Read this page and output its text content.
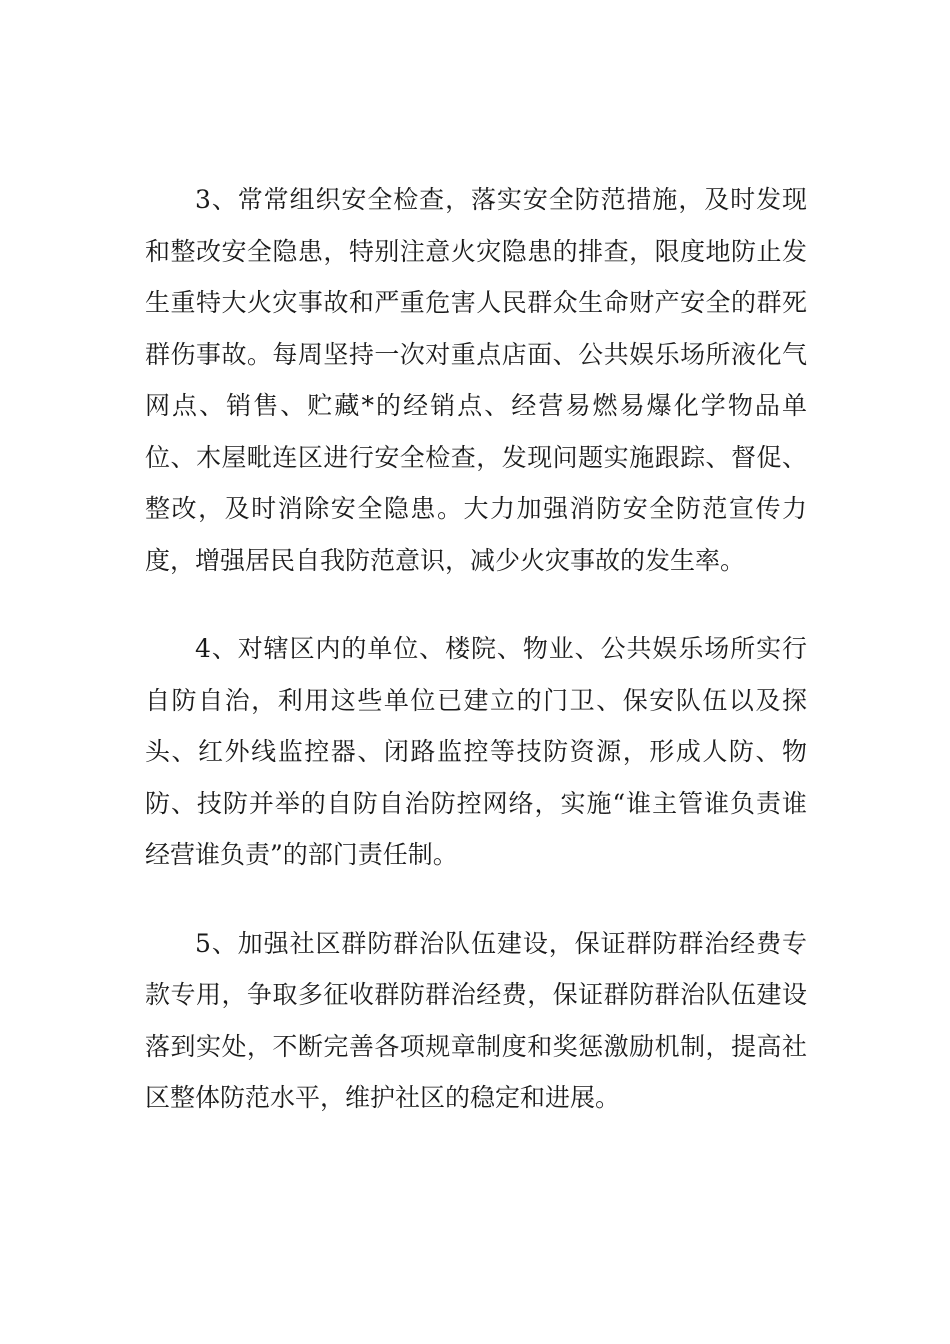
3、常常组织安全检查，落实安全防范措施，及时发现和整改安全隐患，特别注意火灾隐患的排查，限度地防止发生重特大火灾事故和严重危害人民群众生命财产安全的群死群伤事故。每周坚持一次对重点店面、公共娱乐场所液化气网点、销售、贮藏*的经销点、经营易燃易爆化学物品单位、木屋毗连区进行安全检查，发现问题实施跟踪、督促、整改，及时消除安全隐患。大力加强消防安全防范宣传力度，增强居民自我防范意识，减少火灾事故的发生率。

4、对辖区内的单位、楼院、物业、公共娱乐场所实行自防自治，利用这些单位已建立的门卫、保安队伍以及探头、红外线监控器、闭路监控等技防资源，形成人防、物防、技防并举的自防自治防控网络，实施“谁主管谁负责谁经营谁负责”的部门责任制。

5、加强社区群防群治队伍建设，保证群防群治经费专款专用，争取多征收群防群治经费，保证群防群治队伍建设落到实处，不断完善各项规章制度和奖惩激励机制，提高社区整体防范水平，维护社区的稳定和进展。
